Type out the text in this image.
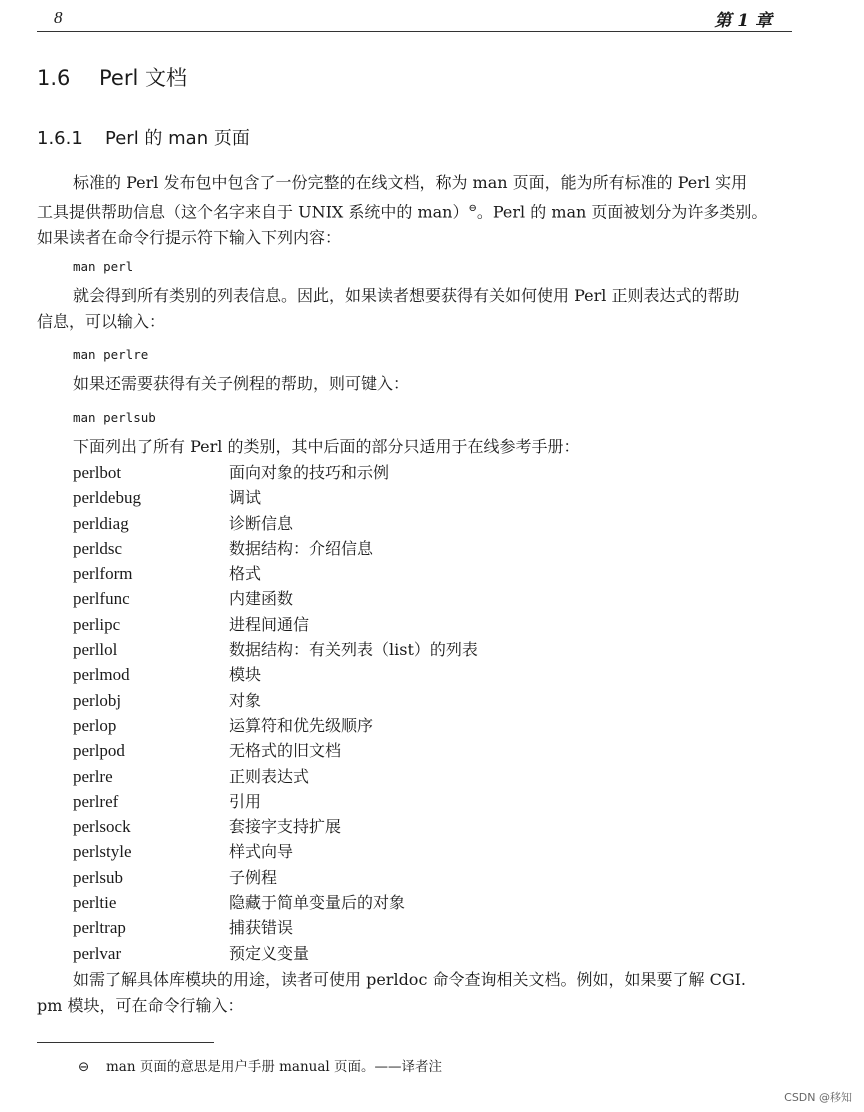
8	第 1 章
1.6 Perl 文档
1.6.1 Perl 的 man 页面
标准的 Perl 发布包中包含了一份完整的在线文档，称为 man 页面，能为所有标准的 Perl 实用
工具提供帮助信息（这个名字来自于 UNIX 系统中的 man）⊖。Perl 的 man 页面被划分为许多类别。
如果读者在命令行提示符下输入下列内容：
man perl
就会得到所有类别的列表信息。因此，如果读者想要获得有关如何使用 Perl 正则表达式的帮助
信息，可以输入：
man perlre
如果还需要获得有关子例程的帮助，则可键入：
man perlsub
下面列出了所有 Perl 的类别，其中后面的部分只适用于在线参考手册：
perlbot	面向对象的技巧和示例
perldebug	调试
perldiag	诊断信息
perldsc	数据结构：介绍信息
perlform	格式
perlfunc	内建函数
perlipc	进程间通信
perllol	数据结构：有关列表（list）的列表
perlmod	模块
perlobj	对象
perlop	运算符和优先级顺序
perlpod	无格式的旧文档
perlre	正则表达式
perlref	引用
perlsock	套接字支持扩展
perlstyle	样式向导
perlsub	子例程
perltie	隐藏于简单变量后的对象
perltrap	捕获错误
perlvar	预定义变量
如需了解具体库模块的用途，读者可使用 perldoc 命令查询相关文档。例如，如果要了解 CGI.
pm 模块，可在命令行输入：
⊖ man 页面的意思是用户手册 manual 页面。——译者注
CSDN @移知
